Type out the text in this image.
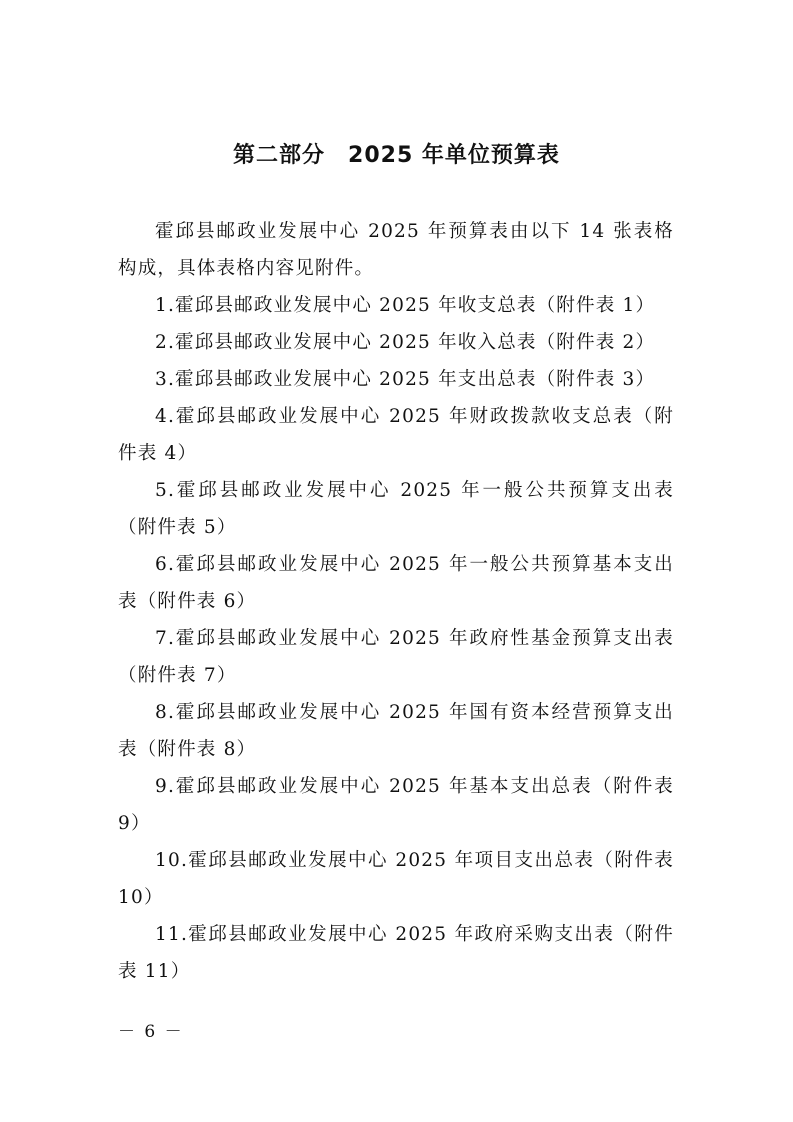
第二部分　2025 年单位预算表

霍邱县邮政业发展中心 2025 年预算表由以下 14 张表格构成，具体表格内容见附件。

1.霍邱县邮政业发展中心 2025 年收支总表（附件表 1）

2.霍邱县邮政业发展中心 2025 年收入总表（附件表 2）

3.霍邱县邮政业发展中心 2025 年支出总表（附件表 3）

4.霍邱县邮政业发展中心 2025 年财政拨款收支总表（附件表 4）

5.霍邱县邮政业发展中心 2025 年一般公共预算支出表（附件表 5）

6.霍邱县邮政业发展中心 2025 年一般公共预算基本支出表（附件表 6）

7.霍邱县邮政业发展中心 2025 年政府性基金预算支出表（附件表 7）

8.霍邱县邮政业发展中心 2025 年国有资本经营预算支出表（附件表 8）

9.霍邱县邮政业发展中心 2025 年基本支出总表（附件表 9）

10.霍邱县邮政业发展中心 2025 年项目支出总表（附件表 10）

11.霍邱县邮政业发展中心 2025 年政府采购支出表（附件表 11）

－ 6 －
